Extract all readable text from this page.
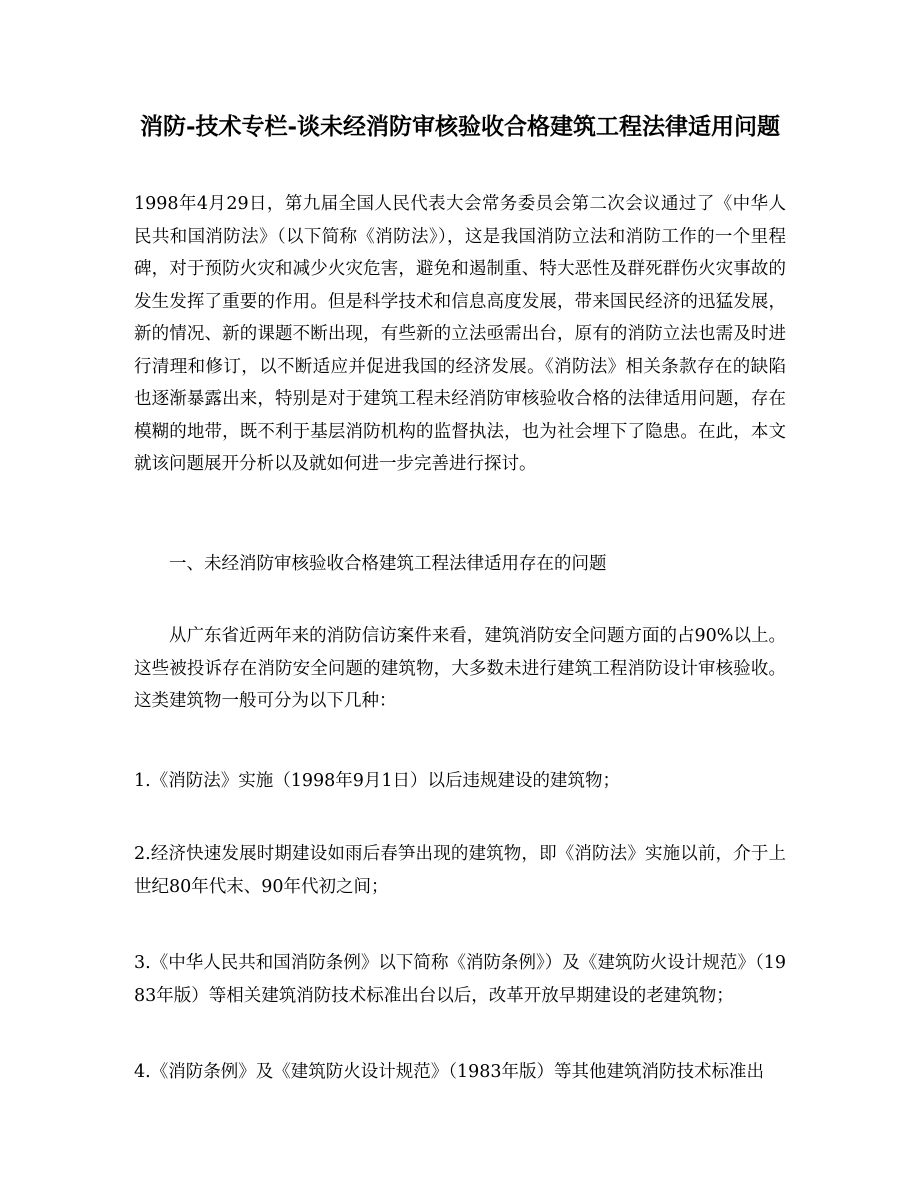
消防-技术专栏-谈未经消防审核验收合格建筑工程法律适用问题

1998年4月29日，第九届全国人民代表大会常务委员会第二次会议通过了《中华人民共和国消防法》（以下简称《消防法》），这是我国消防立法和消防工作的一个里程碑，对于预防火灾和减少火灾危害，避免和遏制重、特大恶性及群死群伤火灾事故的发生发挥了重要的作用。但是科学技术和信息高度发展，带来国民经济的迅猛发展，新的情况、新的课题不断出现，有些新的立法亟需出台，原有的消防立法也需及时进行清理和修订，以不断适应并促进我国的经济发展。《消防法》相关条款存在的缺陷也逐渐暴露出来，特别是对于建筑工程未经消防审核验收合格的法律适用问题，存在模糊的地带，既不利于基层消防机构的监督执法，也为社会埋下了隐患。在此，本文就该问题展开分析以及就如何进一步完善进行探讨。

一、未经消防审核验收合格建筑工程法律适用存在的问题

从广东省近两年来的消防信访案件来看，建筑消防安全问题方面的占90%以上。这些被投诉存在消防安全问题的建筑物，大多数未进行建筑工程消防设计审核验收。这类建筑物一般可分为以下几种：

1.《消防法》实施（1998年9月1日）以后违规建设的建筑物；

2.经济快速发展时期建设如雨后春笋出现的建筑物，即《消防法》实施以前，介于上世纪80年代末、90年代初之间；

3.《中华人民共和国消防条例》以下简称《消防条例》）及《建筑防火设计规范》（1983年版）等相关建筑消防技术标准出台以后，改革开放早期建设的老建筑物；

4.《消防条例》及《建筑防火设计规范》（1983年版）等其他建筑消防技术标准出
